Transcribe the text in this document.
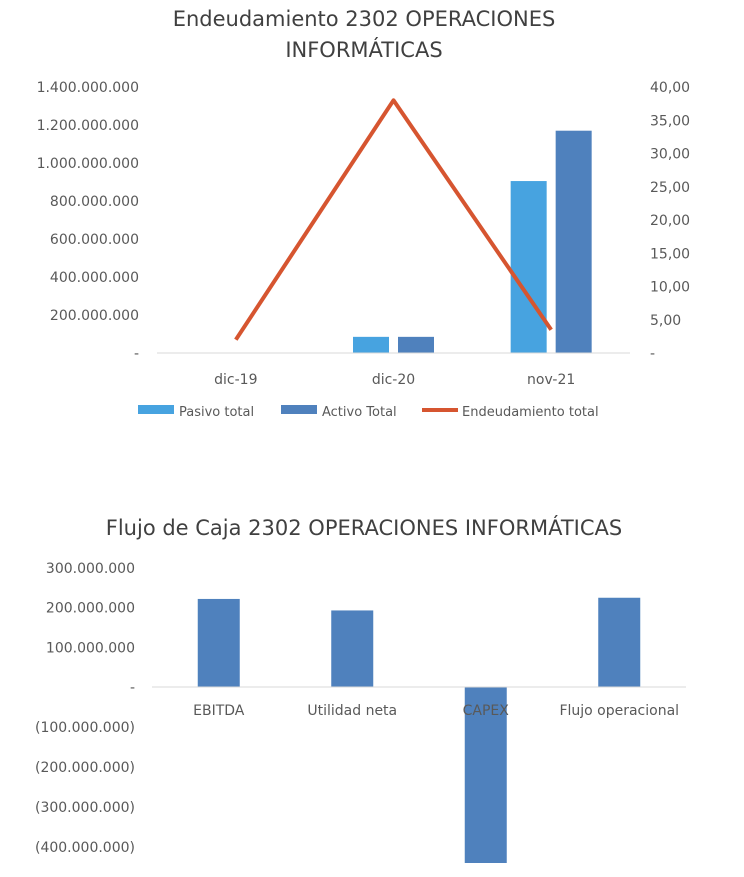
Endeudamiento 2302 OPERACIONES
INFORMÁTICAS
-
200.000.000
400.000.000
600.000.000
800.000.000
1.000.000.000
1.200.000.000
1.400.000.000
-
5,00
10,00
15,00
20,00
25,00
30,00
35,00
40,00
dic-19	dic-20	nov-21
Pasivo total	Activo Total	Endeudamiento total
Flujo de Caja 2302 OPERACIONES INFORMÁTICAS
300.000.000
200.000.000
100.000.000
-
(100.000.000)
(200.000.000)
(300.000.000)
(400.000.000)
EBITDA	Utilidad neta	CAPEX	Flujo operacional
